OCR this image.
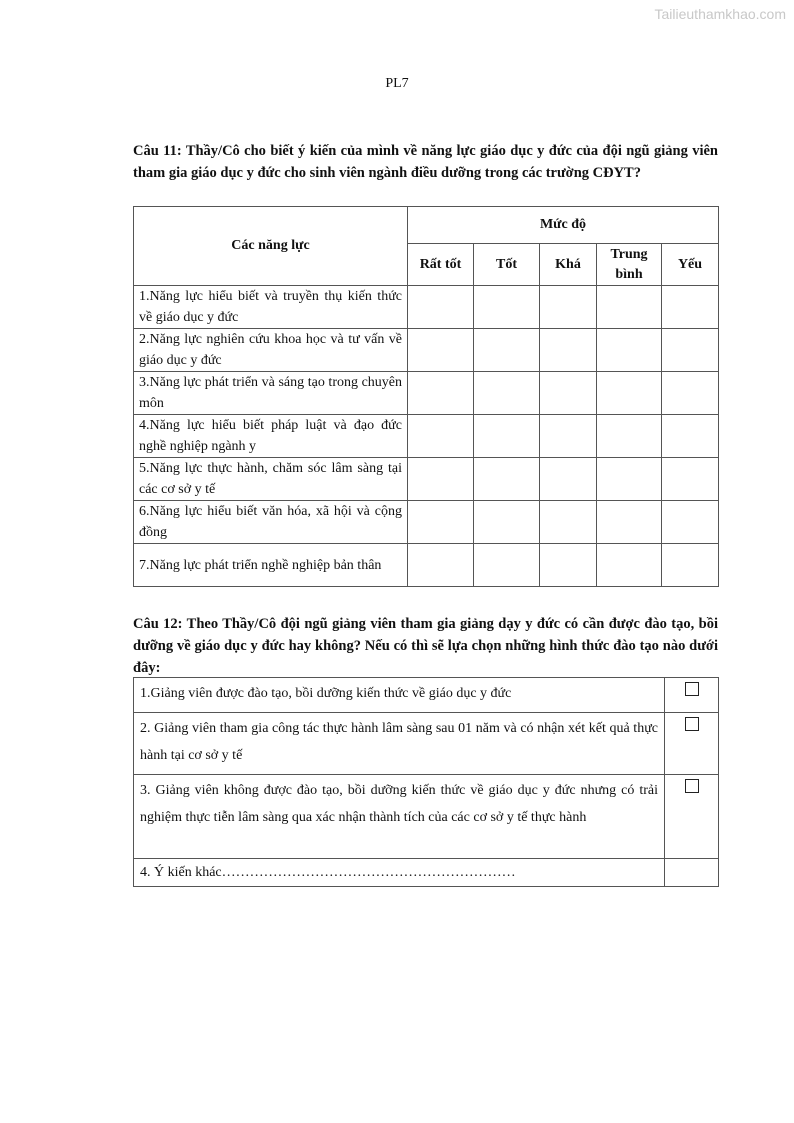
Tailieuthamkhao.com
PL7
Câu 11: Thầy/Cô cho biết ý kiến của mình về năng lực giáo dục y đức của đội ngũ giảng viên tham gia giáo dục y đức cho sinh viên ngành điều dưỡng trong các trường CĐYT?
Các năng lực	Mức độ				
	Rất tốt	Tốt	Khá	Trung bình	Yếu
1.Năng lực hiểu biết và truyền thụ kiến thức về giáo dục y đức					
2.Năng lực nghiên cứu khoa học và tư vấn về giáo dục y đức					
3.Năng lực phát triển và sáng tạo trong chuyên môn					
4.Năng lực hiểu biết pháp luật và đạo đức nghề nghiệp ngành y					
5.Năng lực thực hành, chăm sóc lâm sàng tại các cơ sở y tế					
6.Năng lực hiểu biết văn hóa, xã hội và cộng đồng					
7.Năng lực phát triển nghề nghiệp bản thân					
Câu 12: Theo Thầy/Cô đội ngũ giảng viên tham gia giảng dạy y đức có cần được đào tạo, bồi dưỡng về giáo dục y đức hay không? Nếu có thì sẽ lựa chọn những hình thức đào tạo nào dưới đây:
1.Giảng viên được đào tạo, bồi dưỡng kiến thức về giáo dục y đức	
2. Giảng viên tham gia công tác thực hành lâm sàng sau 01 năm và có nhận xét kết quả thực hành tại cơ sở y tế	
3. Giảng viên không được đào tạo, bồi dưỡng kiến thức về giáo dục y đức nhưng có trải nghiệm thực tiễn lâm sàng qua xác nhận thành tích của các cơ sở y tế thực hành	
4. Ý kiến khác………………………………………………………	
